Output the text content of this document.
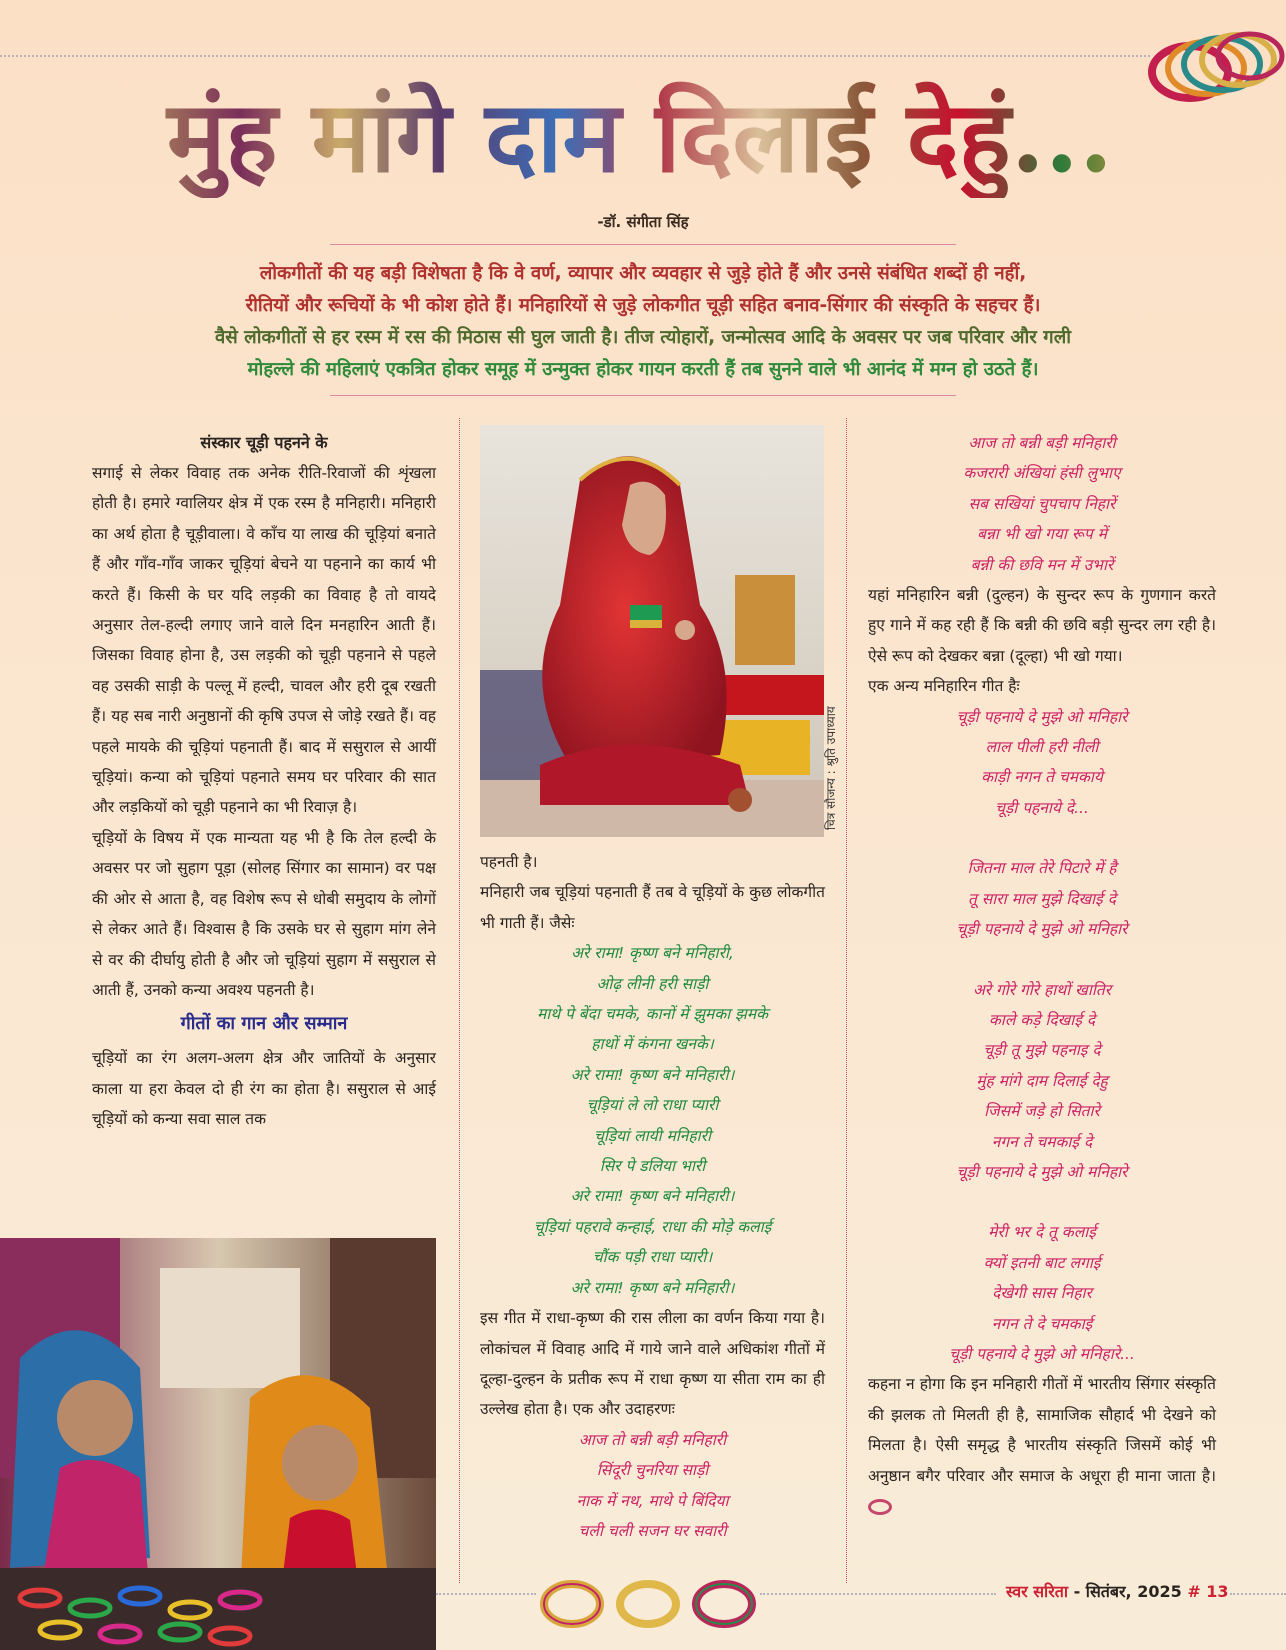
मुंह मांगे दाम दिलाई देहुं...
-डॉ. संगीता सिंह
लोकगीतों की यह बड़ी विशेषता है कि वे वर्ण, व्यापार और व्यवहार से जुड़े होते हैं और उनसे संबंधित शब्दों ही नहीं,
रीतियों और रूचियों के भी कोश होते हैं। मनिहारियों से जुड़े लोकगीत चूड़ी सहित बनाव-सिंगार की संस्कृति के सहचर हैं।
वैसे लोकगीतों से हर रस्म में रस की मिठास सी घुल जाती है। तीज त्योहारों, जन्मोत्सव आदि के अवसर पर जब परिवार और गली
मोहल्ले की महिलाएं एकत्रित होकर समूह में उन्मुक्त होकर गायन करती हैं तब सुनने वाले भी आनंद में मग्न हो उठते हैं।
संस्कार चूड़ी पहनने के

सगाई से लेकर विवाह तक अनेक रीति-रिवाजों की शृंखला होती है। हमारे ग्वालियर क्षेत्र में एक रस्म है मनिहारी। मनिहारी का अर्थ होता है चूड़ीवाला। वे काँच या लाख की चूड़ियां बनाते हैं और गाँव-गाँव जाकर चूड़ियां बेचने या पहनाने का कार्य भी करते हैं। किसी के घर यदि लड़की का विवाह है तो वायदे अनुसार तेल-हल्दी लगाए जाने वाले दिन मनहारिन आती हैं। जिसका विवाह होना है, उस लड़की को चूड़ी पहनाने से पहले वह उसकी साड़ी के पल्लू में हल्दी, चावल और हरी दूब रखती हैं। यह सब नारी अनुष्ठानों की कृषि उपज से जोड़े रखते हैं। वह पहले मायके की चूड़ियां पहनाती हैं। बाद में ससुराल से आयीं चूड़ियां। कन्या को चूड़ियां पहनाते समय घर परिवार की सात और लड़कियों को चूड़ी पहनाने का भी रिवाज़ है।

चूड़ियों के विषय में एक मान्यता यह भी है कि तेल हल्दी के अवसर पर जो सुहाग पूड़ा (सोलह सिंगार का सामान) वर पक्ष की ओर से आता है, वह विशेष रूप से धोबी समुदाय के लोगों से लेकर आते हैं। विश्वास है कि उसके घर से सुहाग मांग लेने से वर की दीर्घायु होती है और जो चूड़ियां सुहाग में ससुराल से आती हैं, उनको कन्या अवश्य पहनती है।

गीतों का गान और सम्मान

चूड़ियों का रंग अलग-अलग क्षेत्र और जातियों के अनुसार काला या हरा केवल दो ही रंग का होता है। ससुराल से आई चूड़ियों को कन्या सवा साल तक

चित्र सौजन्य : श्रुति उपाध्याय

पहनती है।

मनिहारी जब चूड़ियां पहनाती हैं तब वे चूड़ियों के कुछ लोकगीत भी गाती हैं। जैसेः

अरे रामा! कृष्ण बने मनिहारी,
ओढ़ लीनी हरी साड़ी
माथे पे बेंदा चमके, कानों में झुमका झमके
हाथों में कंगना खनके।
अरे रामा! कृष्ण बने मनिहारी।
चूड़ियां ले लो राधा प्यारी
चूड़ियां लायी मनिहारी
सिर पे डलिया भारी
अरे रामा! कृष्ण बने मनिहारी।
चूड़ियां पहरावे कन्हाई, राधा की मोड़े कलाई
चौंक पड़ी राधा प्यारी।
अरे रामा! कृष्ण बने मनिहारी।

इस गीत में राधा-कृष्ण की रास लीला का वर्णन किया गया है। लोकांचल में विवाह आदि में गाये जाने वाले अधिकांश गीतों में दूल्हा-दुल्हन के प्रतीक रूप में राधा कृष्ण या सीता राम का ही उल्लेख होता है। एक और उदाहरणः

आज तो बन्नी बड़ी मनिहारी
सिंदूरी चुनरिया साड़ी
नाक में नथ, माथे पे बिंदिया
चली चली सजन घर सवारी
आज तो बन्नी बड़ी मनिहारी
कजरारी अंखियां हंसी लुभाए
सब सखियां चुपचाप निहारें
बन्ना भी खो गया रूप में
बन्नी की छवि मन में उभारें

यहां मनिहारिन बन्नी (दुल्हन) के सुन्दर रूप के गुणगान करते हुए गाने में कह रही हैं कि बन्नी की छवि बड़ी सुन्दर लग रही है। ऐसे रूप को देखकर बन्ना (दूल्हा) भी खो गया।

एक अन्य मनिहारिन गीत हैः

चूड़ी पहनाये दे मुझे ओ मनिहारे
लाल पीली हरी नीली
काड़ी नगन ते चमकाये
चूड़ी पहनाये दे...
जितना माल तेरे पिटारे में है
तू सारा माल मुझे दिखाई दे
चूड़ी पहनाये दे मुझे ओ मनिहारे
अरे गोरे गोरे हाथों खातिर
काले कड़े दिखाई दे
चूड़ी तू मुझे पहनाइ दे
मुंह मांगे दाम दिलाई देहु
जिसमें जड़े हो सितारे
नगन ते चमकाई दे
चूड़ी पहनाये दे मुझे ओ मनिहारे
मेरी भर दे तू कलाई
क्यों इतनी बाट लगाई
देखेगी सास निहार
नगन ते दे चमकाई
चूड़ी पहनाये दे मुझे ओ मनिहारे...

कहना न होगा कि इन मनिहारी गीतों में भारतीय सिंगार संस्कृति की झलक तो मिलती ही है, सामाजिक सौहार्द भी देखने को मिलता है। ऐसी समृद्ध है भारतीय संस्कृति जिसमें कोई भी अनुष्ठान बगैर परिवार और समाज के अधूरा ही माना जाता है।

स्वर सरिता - सितंबर, 2025 # 13
